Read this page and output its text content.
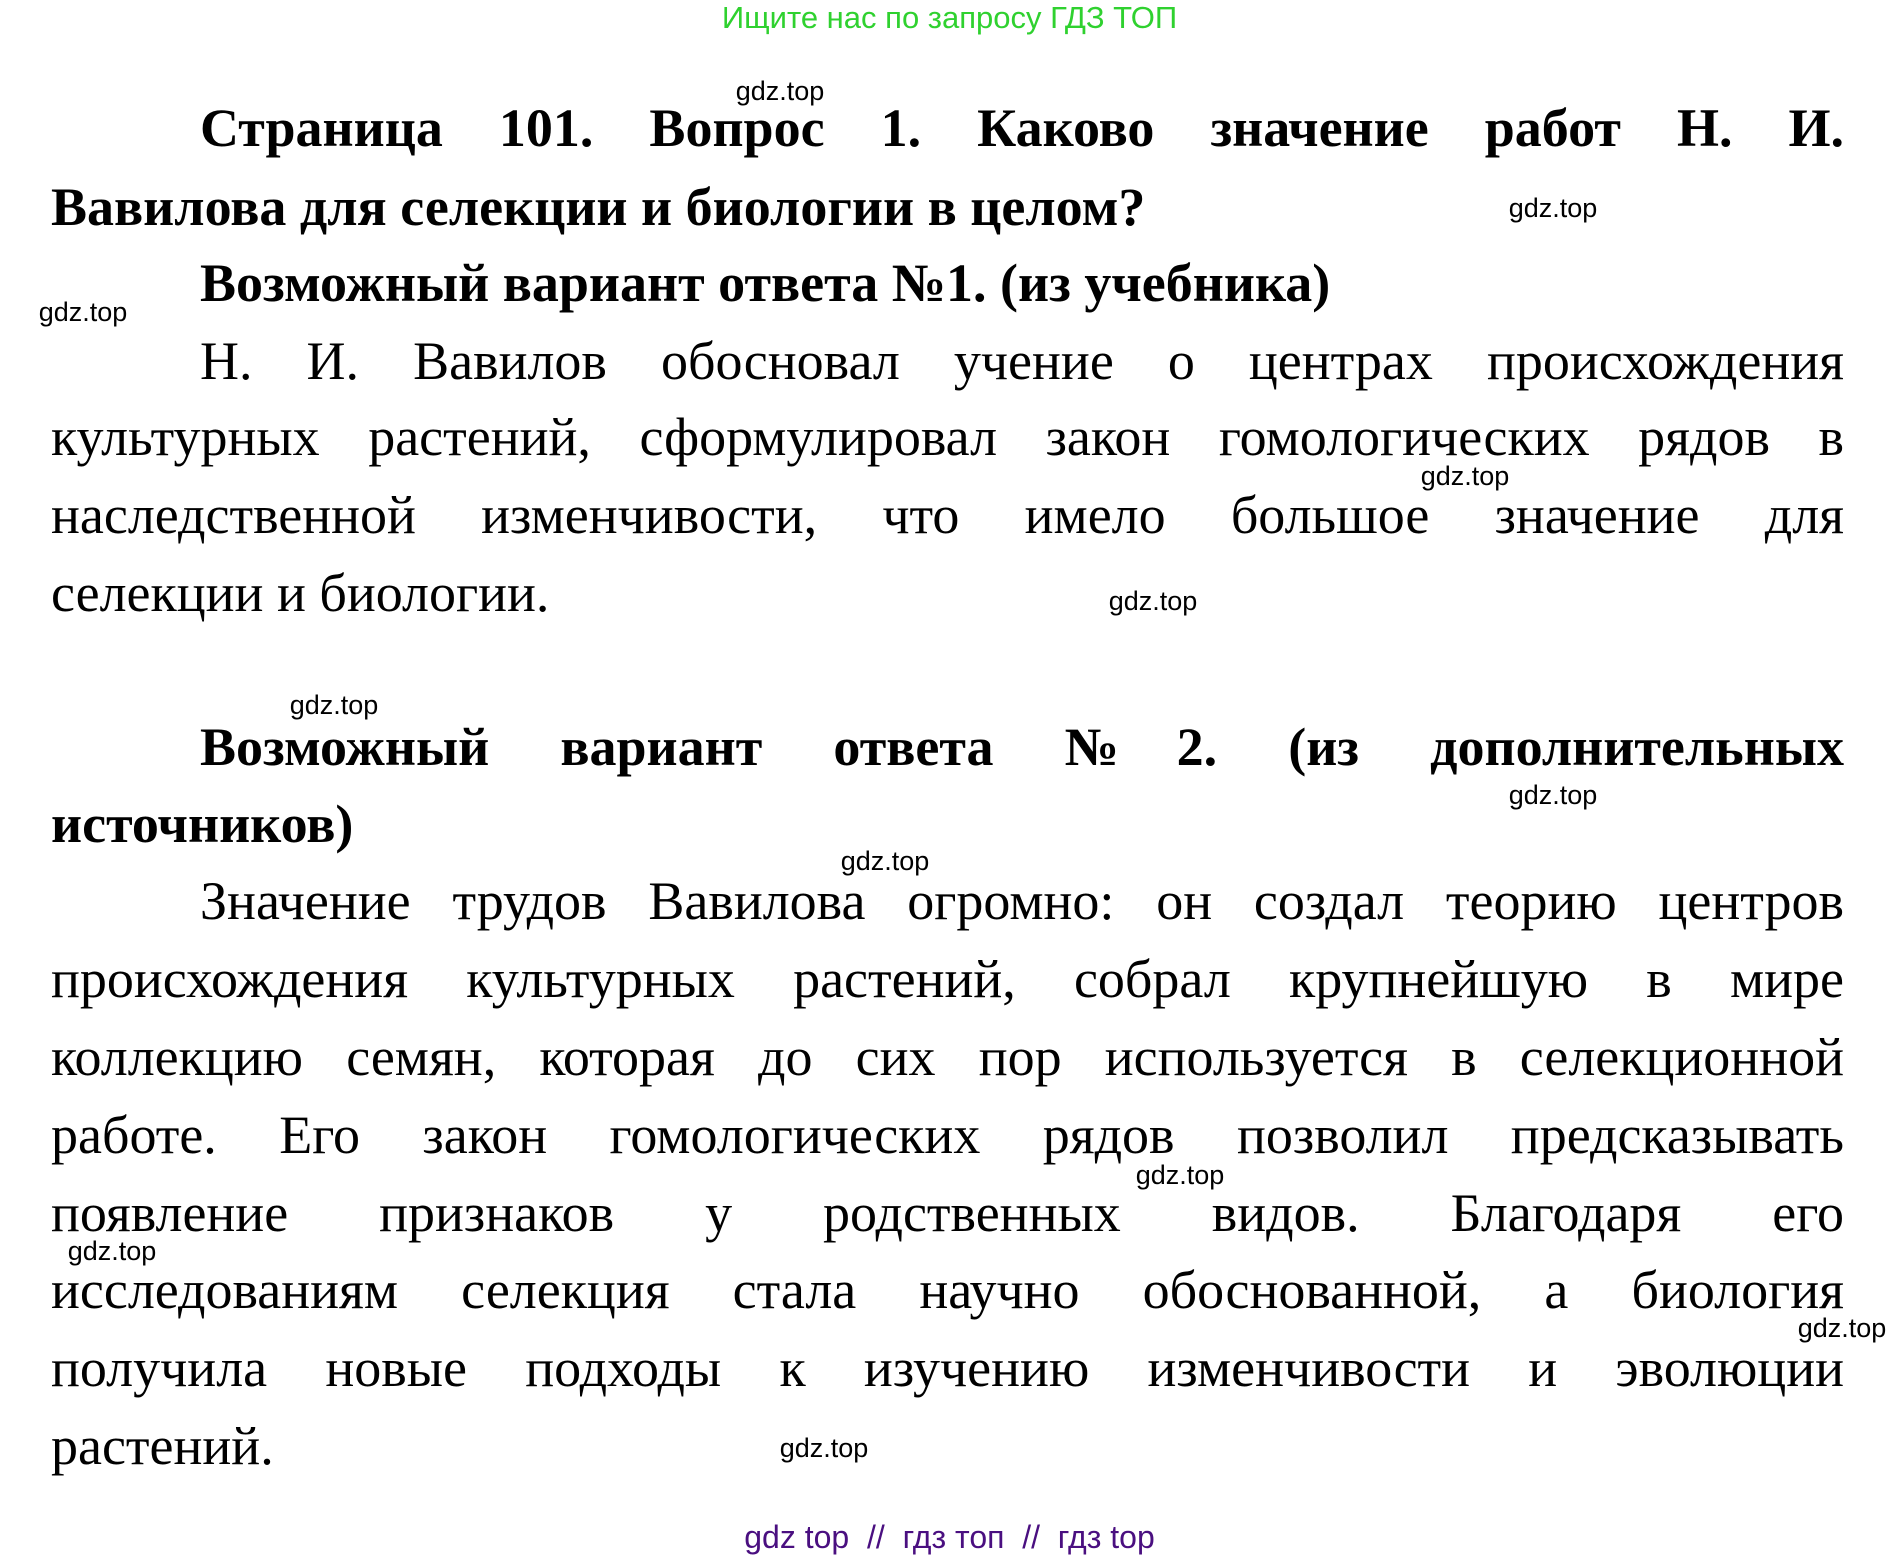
Ищите нас по запросу ГДЗ ТОП
Страница 101. Вопрос 1. Каково значение работ Н. И.
Вавилова для селекции и биологии в целом?
Возможный вариант ответа №1. (из учебника)
Н. И. Вавилов обосновал учение о центрах происхождения
культурных растений, сформулировал закон гомологических рядов в
наследственной изменчивости, что имело большое значение для
селекции и биологии.
Возможный вариант ответа №2. (из дополнительных
источников)
Значение трудов Вавилова огромно: он создал теорию центров
происхождения культурных растений, собрал крупнейшую в мире
коллекцию семян, которая до сих пор используется в селекционной
работе. Его закон гомологических рядов позволил предсказывать
появление признаков у родственных видов. Благодаря его
исследованиям селекция стала научно обоснованной, а биология
получила новые подходы к изучению изменчивости и эволюции
растений.
gdz.top
gdz.top
gdz.top
gdz.top
gdz.top
gdz.top
gdz.top
gdz.top
gdz.top
gdz.top
gdz.top
gdz.top
gdz top  //  гдз топ  //  гдз top
